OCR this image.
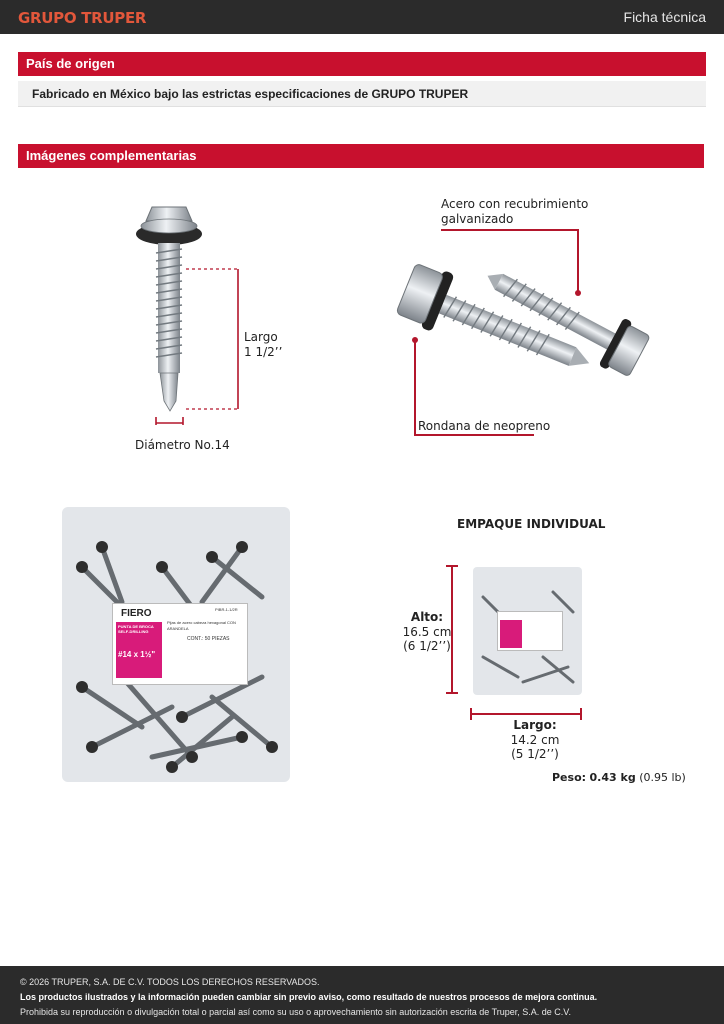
GRUPO TRUPER	Ficha técnica
País de origen
Fabricado en México bajo las estrictas especificaciones de GRUPO TRUPER
Imágenes complementarias
Largo
1 1/2’’
Diámetro No.14
Acero con recubrimiento
galvanizado
Rondana de neopreno
FIERO	PIBR-1-1/2R
PUNTA DE BROCA
SELF-DRILLING
#14 x 1½"
Pijas de acero cabeza hexagonal CON ARANDELA
CONT.: 50 PIEZAS
EMPAQUE INDIVIDUAL
Alto:
16.5 cm
(6 1/2’’)
Largo:
14.2 cm
(5 1/2’’)
Peso: 0.43 kg (0.95 lb)
© 2026 TRUPER, S.A. DE C.V. TODOS LOS DERECHOS RESERVADOS.
Los productos ilustrados y la información pueden cambiar sin previo aviso, como resultado de nuestros procesos de mejora continua.
Prohibida su reproducción o divulgación total o parcial así como su uso o aprovechamiento sin autorización escrita de Truper, S.A. de C.V.
